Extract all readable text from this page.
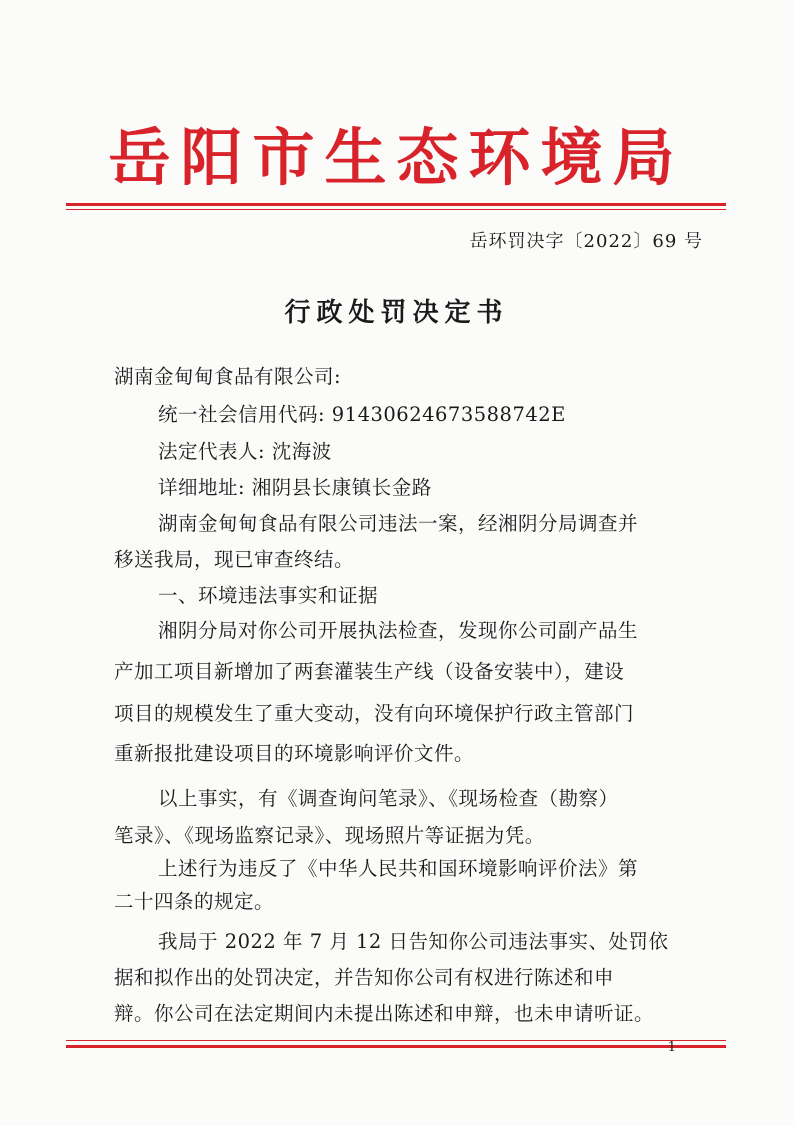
岳阳市生态环境局
岳环罚决字〔2022〕69 号
行政处罚决定书
湖南金甸甸食品有限公司:
统一社会信用代码: 91430624673588742E
法定代表人: 沈海波
详细地址: 湘阴县长康镇长金路
湖南金甸甸食品有限公司违法一案，经湘阴分局调查并
移送我局，现已审查终结。
一、环境违法事实和证据
湘阴分局对你公司开展执法检查，发现你公司副产品生
产加工项目新增加了两套灌装生产线（设备安装中），建设
项目的规模发生了重大变动，没有向环境保护行政主管部门
重新报批建设项目的环境影响评价文件。
以上事实，有《调查询问笔录》、《现场检查（勘察）
笔录》、《现场监察记录》、现场照片等证据为凭。
上述行为违反了《中华人民共和国环境影响评价法》第
二十四条的规定。
我局于 2022 年 7 月 12 日告知你公司违法事实、处罚依
据和拟作出的处罚决定，并告知你公司有权进行陈述和申
辩。你公司在法定期间内未提出陈述和申辩，也未申请听证。
1
